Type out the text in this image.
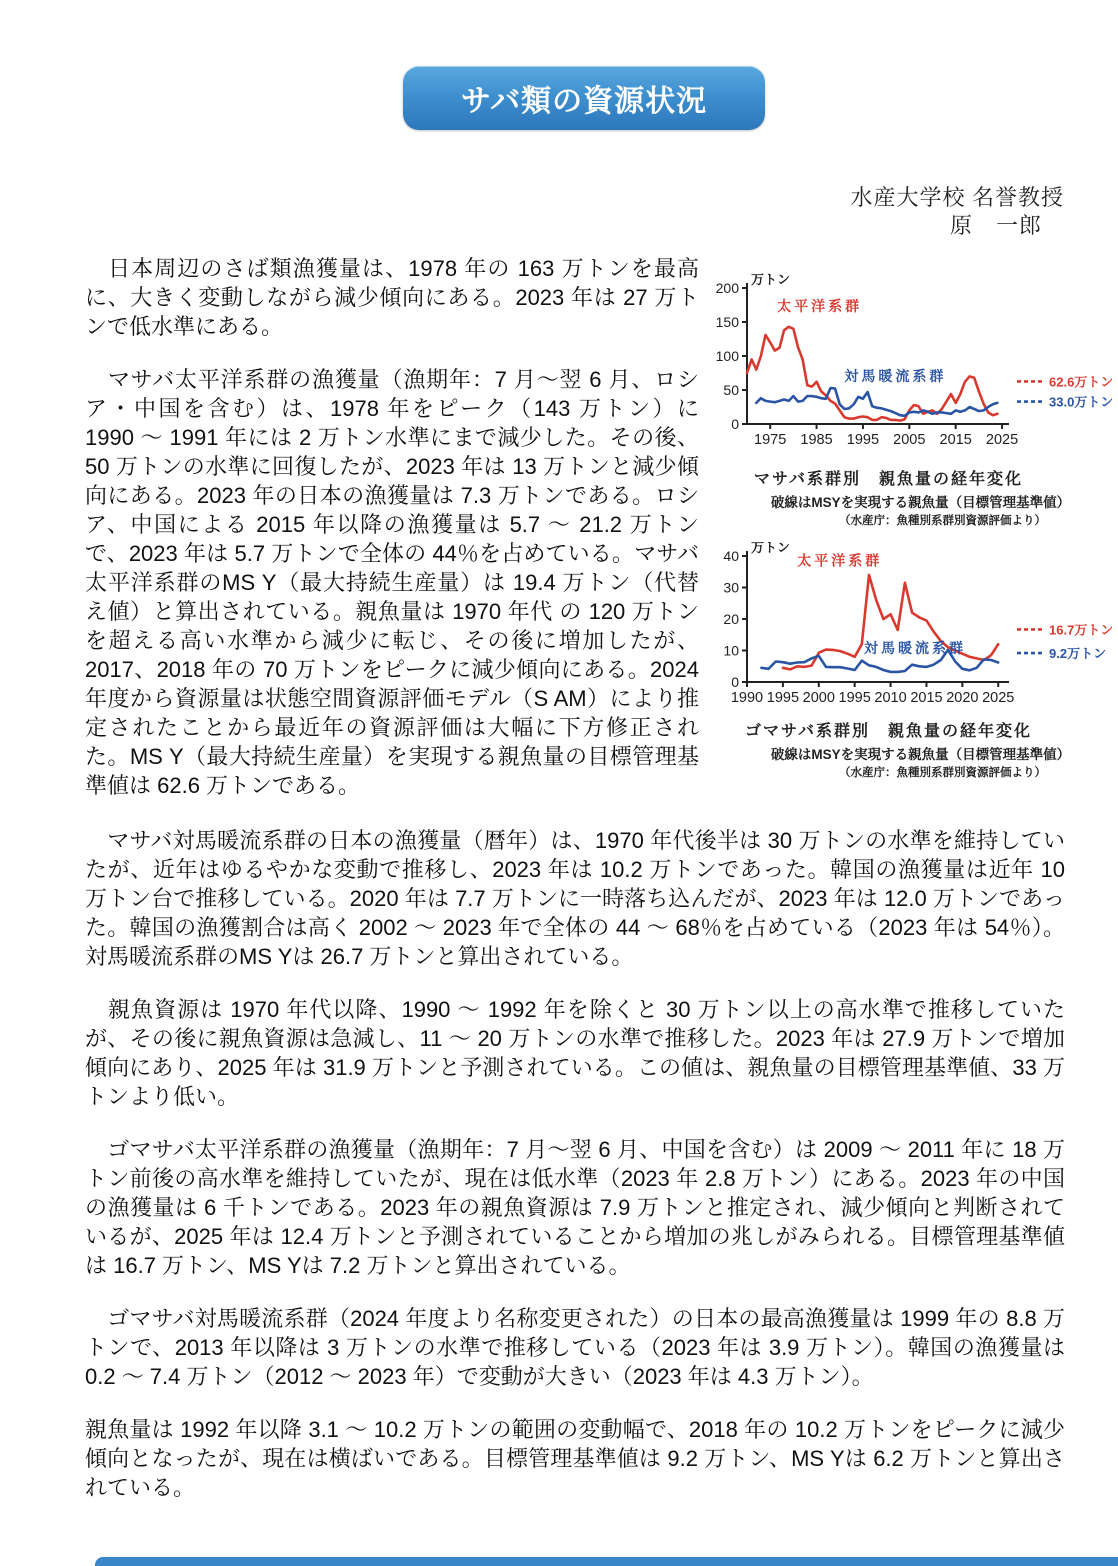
サバ類の資源状況
水産大学校 名誉教授
原　一郎

　日本周辺のさば類漁獲量は、1978 年の 163 万トンを最高に、大きく変動しながら減少傾向にある。2023 年は 27 万トンで低水準にある。

　マサバ太平洋系群の漁獲量（漁期年：7 月～翌 6 月、ロシア・中国を含む）は、1978 年をピーク（143 万トン）に 1990 ～ 1991 年には 2 万トン水準にまで減少した。その後、50 万トンの水準に回復したが、2023 年は 13 万トンと減少傾向にある。2023 年の日本の漁獲量は 7.3 万トンである。ロシア、中国による 2015 年以降の漁獲量は 5.7 ～ 21.2 万トンで、2023 年は 5.7 万トンで全体の 44％を占めている。マサバ太平洋系群のMS Y（最大持続生産量）は 19.4 万トン（代替え値）と算出されている。親魚量は 1970 年代 の 120 万トンを超える高い水準から減少に転じ、その後に増加したが、2017、2018 年の 70 万トンをピークに減少傾向にある。2024 年度から資源量は状態空間資源評価モデル（S AM）により推定されたことから最近年の資源評価は大幅に下方修正された。MS Y（最大持続生産量）を実現する親魚量の目標管理基準値は 62.6 万トンである。

0
50
100
150
200
1975 1985 1995 2005 2015 2025
万トン
太平洋系群
対馬暖流系群	62.6万トン
33.0万トン
マサバ系群別　親魚量の経年変化
破線はMSYを実現する親魚量（目標管理基準値）
（水産庁：魚種別系群別資源評価より）
0
10
20
30
40
1990 1995 2000 1995 2010 2015 2020 2025
万トン
太平洋系群
対馬暖流系群
16.7万トン
9.2万トン
ゴマサバ系群別　親魚量の経年変化
破線はMSYを実現する親魚量（目標管理基準値）
（水産庁：魚種別系群別資源評価より）

　マサバ対馬暖流系群の日本の漁獲量（暦年）は、1970 年代後半は 30 万トンの水準を維持していたが、近年はゆるやかな変動で推移し、2023 年は 10.2 万トンであった。韓国の漁獲量は近年 10 万トン台で推移している。2020 年は 7.7 万トンに一時落ち込んだが、2023 年は 12.0 万トンであった。韓国の漁獲割合は高く 2002 ～ 2023 年で全体の 44 ～ 68％を占めている（2023 年は 54％）。対馬暖流系群のMS Yは 26.7 万トンと算出されている。

　親魚資源は 1970 年代以降、1990 ～ 1992 年を除くと 30 万トン以上の高水準で推移していたが、その後に親魚資源は急減し、11 ～ 20 万トンの水準で推移した。2023 年は 27.9 万トンで増加傾向にあり、2025 年は 31.9 万トンと予測されている。この値は、親魚量の目標管理基準値、33 万トンより低い。

　ゴマサバ太平洋系群の漁獲量（漁期年：7 月～翌 6 月、中国を含む）は 2009 ～ 2011 年に 18 万トン前後の高水準を維持していたが、現在は低水準（2023 年 2.8 万トン）にある。2023 年の中国の漁獲量は 6 千トンである。2023 年の親魚資源は 7.9 万トンと推定され、減少傾向と判断されているが、2025 年は 12.4 万トンと予測されていることから増加の兆しがみられる。目標管理基準値は 16.7 万トン、MS Yは 7.2 万トンと算出されている。

　ゴマサバ対馬暖流系群（2024 年度より名称変更された）の日本の最高漁獲量は 1999 年の 8.8 万トンで、2013 年以降は 3 万トンの水準で推移している（2023 年は 3.9 万トン）。韓国の漁獲量は 0.2 ～ 7.4 万トン（2012 ～ 2023 年）で変動が大きい（2023 年は 4.3 万トン）。

親魚量は 1992 年以降 3.1 ～ 10.2 万トンの範囲の変動幅で、2018 年の 10.2 万トンをピークに減少傾向となったが、現在は横ばいである。目標管理基準値は 9.2 万トン、MS Yは 6.2 万トンと算出されている。
